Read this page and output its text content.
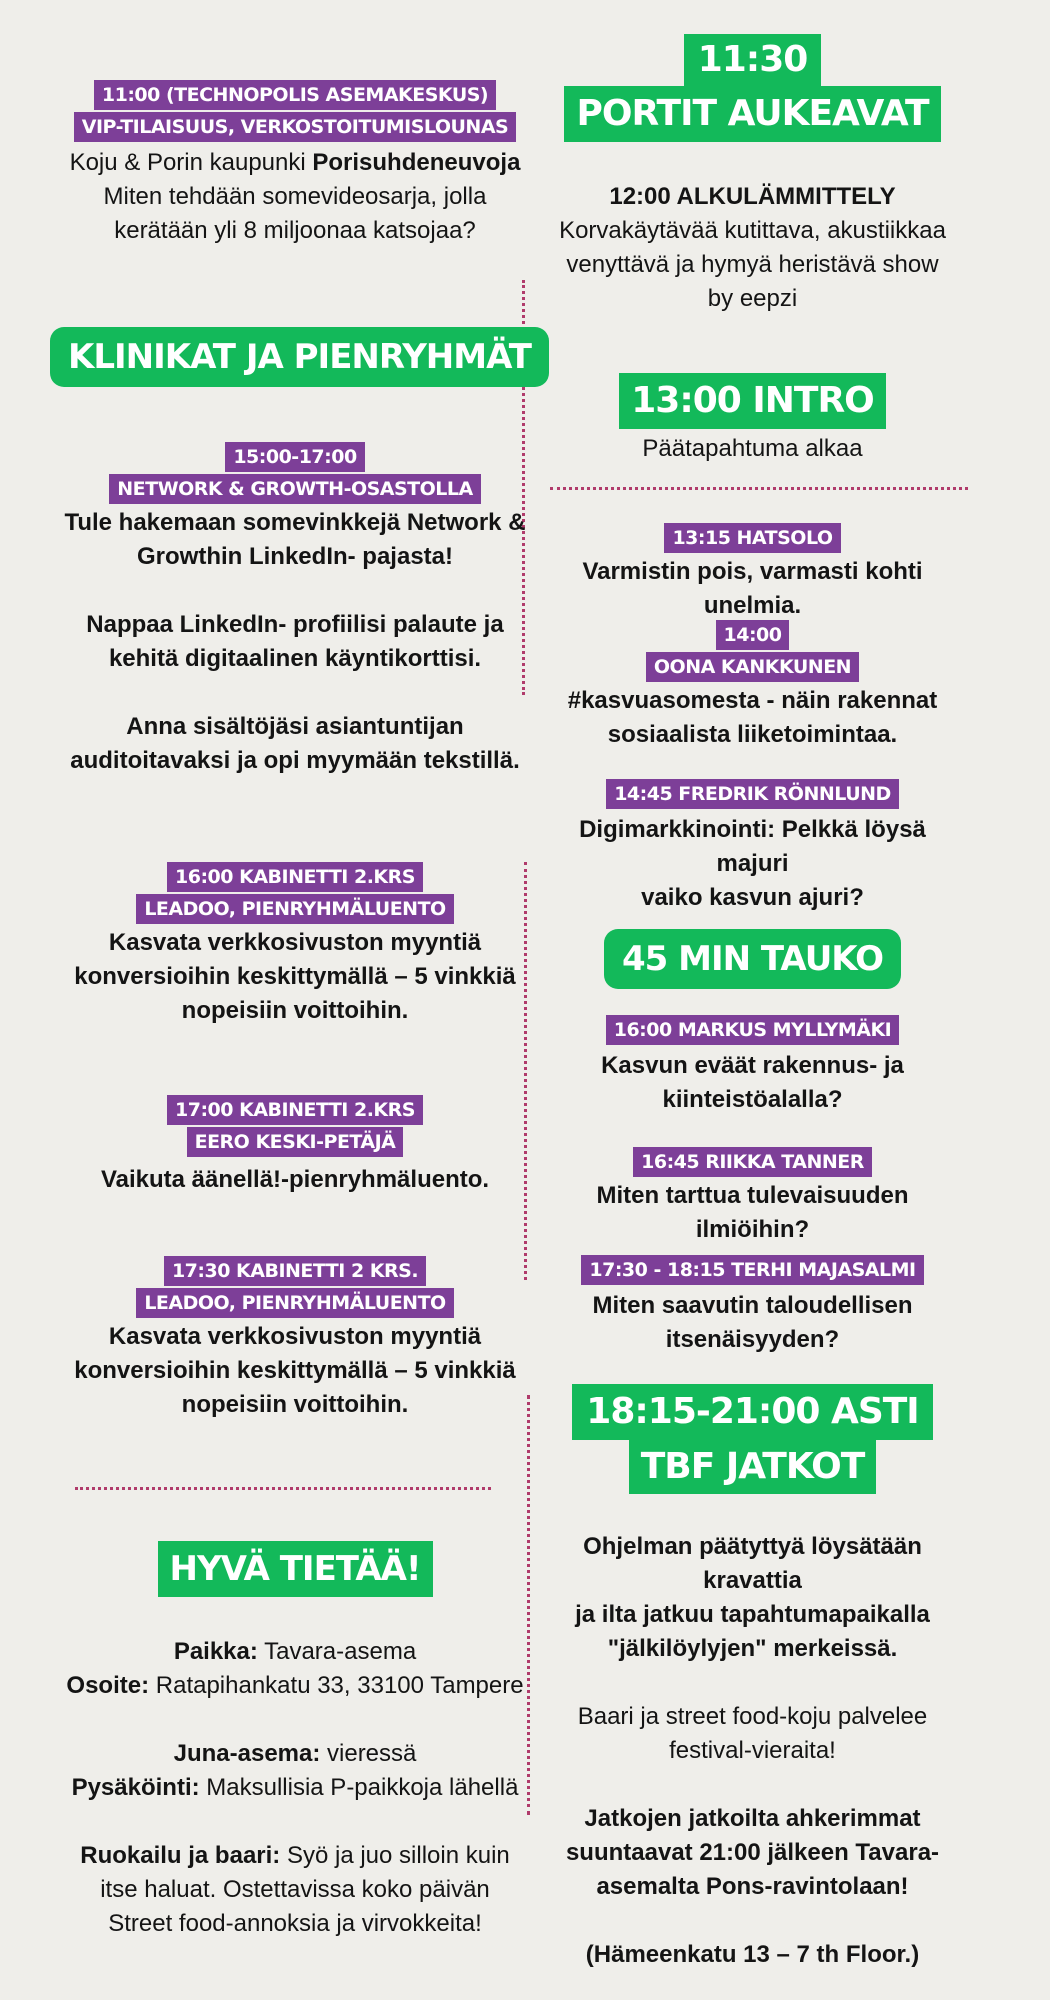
11:00 (TECHNOPOLIS ASEMAKESKUS)
VIP-TILAISUUS, VERKOSTOITUMISLOUNAS
Koju & Porin kaupunki Porisuhdeneuvoja
Miten tehdään somevideosarja, jolla
kerätään yli 8 miljoonaa katsojaa?
KLINIKAT JA PIENRYHMÄT
15:00-17:00
NETWORK & GROWTH-OSASTOLLA
Tule hakemaan somevinkkejä Network &
Growthin LinkedIn- pajasta!
Nappaa LinkedIn- profiilisi palaute ja
kehitä digitaalinen käyntikorttisi.
Anna sisältöjäsi asiantuntijan
auditoitavaksi ja opi myymään tekstillä.
16:00 KABINETTI 2.KRS
LEADOO, PIENRYHMÄLUENTO
Kasvata verkkosivuston myyntiä
konversioihin keskittymällä – 5 vinkkiä
nopeisiin voittoihin.
17:00 KABINETTI 2.KRS
EERO KESKI-PETÄJÄ
Vaikuta äänellä!-pienryhmäluento.
17:30 KABINETTI 2 KRS.
LEADOO, PIENRYHMÄLUENTO
Kasvata verkkosivuston myyntiä
konversioihin keskittymällä – 5 vinkkiä
nopeisiin voittoihin.
HYVÄ TIETÄÄ!
Paikka: Tavara-asema
Osoite: Ratapihankatu 33, 33100 Tampere
Juna-asema: vieressä
Pysäköinti: Maksullisia P-paikkoja lähellä
Ruokailu ja baari: Syö ja juo silloin kuin
itse haluat. Ostettavissa koko päivän
Street food-annoksia ja virvokkeita!
11:30
PORTIT AUKEAVAT
12:00 ALKULÄMMITTELY
Korvakäytävää kutittava, akustiikkaa
venyttävä ja hymyä heristävä show
by eepzi
13:00 INTRO
Päätapahtuma alkaa
13:15 HATSOLO
Varmistin pois, varmasti kohti unelmia.
14:00
OONA KANKKUNEN
#kasvuasomesta - näin rakennat
sosiaalista liiketoimintaa.
14:45 FREDRIK RÖNNLUND
Digimarkkinointi: Pelkkä löysä majuri
vaiko kasvun ajuri?
45 MIN TAUKO
16:00 MARKUS MYLLYMÄKI
Kasvun eväät rakennus- ja
kiinteistöalalla?
16:45 RIIKKA TANNER
Miten tarttua tulevaisuuden ilmiöihin?
17:30 - 18:15 TERHI MAJASALMI
Miten saavutin taloudellisen
itsenäisyyden?
18:15-21:00 ASTI
TBF JATKOT
Ohjelman päätyttyä löysätään kravattia
ja ilta jatkuu tapahtumapaikalla
"jälkilöylyjen" merkeissä.
Baari ja street food-koju palvelee
festival-vieraita!
Jatkojen jatkoilta ahkerimmat
suuntaavat 21:00 jälkeen Tavara-
asemalta Pons-ravintolaan!
(Hämeenkatu 13 – 7 th Floor.)
